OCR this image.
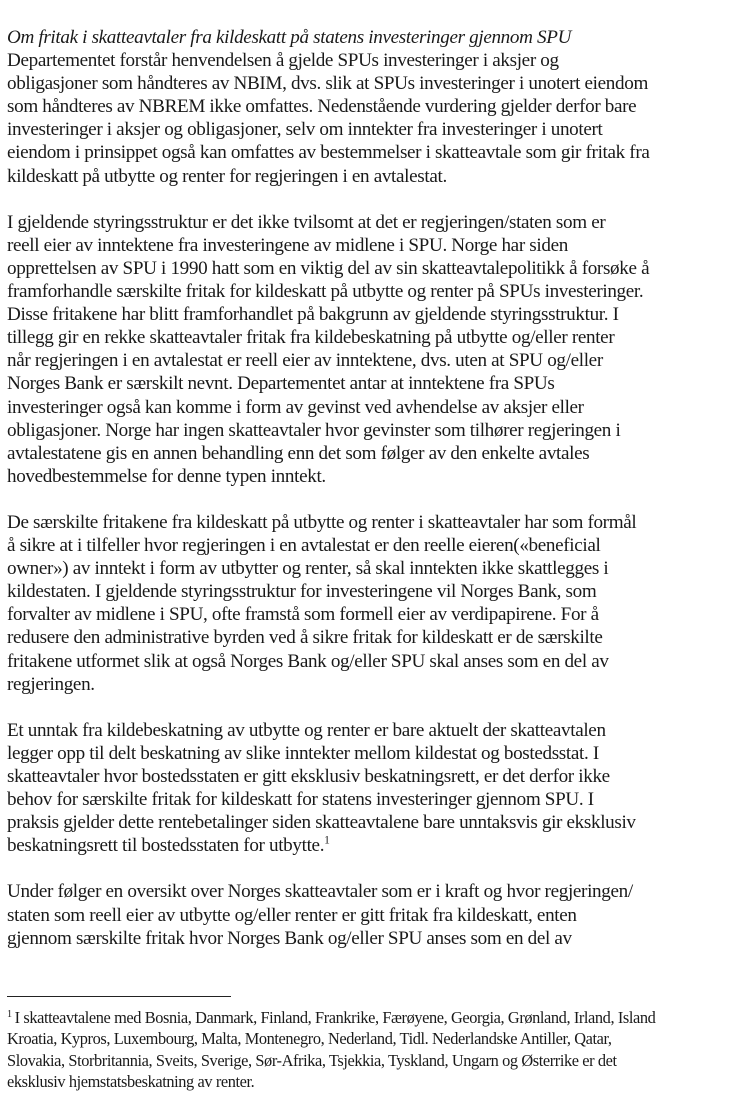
Om fritak i skatteavtaler fra kildeskatt på statens investeringer gjennom SPU
Departementet forstår henvendelsen å gjelde SPUs investeringer i aksjer og
obligasjoner som håndteres av NBIM, dvs. slik at SPUs investeringer i unotert eiendom
som håndteres av NBREM ikke omfattes. Nedenstående vurdering gjelder derfor bare
investeringer i aksjer og obligasjoner, selv om inntekter fra investeringer i unotert
eiendom i prinsippet også kan omfattes av bestemmelser i skatteavtale som gir fritak fra
kildeskatt på utbytte og renter for regjeringen i en avtalestat.
I gjeldende styringsstruktur er det ikke tvilsomt at det er regjeringen/staten som er
reell eier av inntektene fra investeringene av midlene i SPU. Norge har siden
opprettelsen av SPU i 1990 hatt som en viktig del av sin skatteavtalepolitikk å forsøke å
framforhandle særskilte fritak for kildeskatt på utbytte og renter på SPUs investeringer.
Disse fritakene har blitt framforhandlet på bakgrunn av gjeldende styringsstruktur. I
tillegg gir en rekke skatteavtaler fritak fra kildebeskatning på utbytte og/eller renter
når regjeringen i en avtalestat er reell eier av inntektene, dvs. uten at SPU og/eller
Norges Bank er særskilt nevnt. Departementet antar at inntektene fra SPUs
investeringer også kan komme i form av gevinst ved avhendelse av aksjer eller
obligasjoner. Norge har ingen skatteavtaler hvor gevinster som tilhører regjeringen i
avtalestatene gis en annen behandling enn det som følger av den enkelte avtales
hovedbestemmelse for denne typen inntekt.
De særskilte fritakene fra kildeskatt på utbytte og renter i skatteavtaler har som formål
å sikre at i tilfeller hvor regjeringen i en avtalestat er den reelle eieren(«beneficial
owner») av inntekt i form av utbytter og renter, så skal inntekten ikke skattlegges i
kildestaten. I gjeldende styringsstruktur for investeringene vil Norges Bank, som
forvalter av midlene i SPU, ofte framstå som formell eier av verdipapirene. For å
redusere den administrative byrden ved å sikre fritak for kildeskatt er de særskilte
fritakene utformet slik at også Norges Bank og/eller SPU skal anses som en del av
regjeringen.
Et unntak fra kildebeskatning av utbytte og renter er bare aktuelt der skatteavtalen
legger opp til delt beskatning av slike inntekter mellom kildestat og bostedsstat. I
skatteavtaler hvor bostedsstaten er gitt eksklusiv beskatningsrett, er det derfor ikke
behov for særskilte fritak for kildeskatt for statens investeringer gjennom SPU. I
praksis gjelder dette rentebetalinger siden skatteavtalene bare unntaksvis gir eksklusiv
beskatningsrett til bostedsstaten for utbytte.$^1$
Under følger en oversikt over Norges skatteavtaler som er i kraft og hvor regjeringen/
staten som reell eier av utbytte og/eller renter er gitt fritak fra kildeskatt, enten
gjennom særskilte fritak hvor Norges Bank og/eller SPU anses som en del av
$^1$ I skatteavtalene med Bosnia, Danmark, Finland, Frankrike, Færøyene, Georgia, Grønland, Irland, Island
Kroatia, Kypros, Luxembourg, Malta, Montenegro, Nederland, Tidl. Nederlandske Antiller, Qatar,
Slovakia, Storbritannia, Sveits, Sverige, Sør-Afrika, Tsjekkia, Tyskland, Ungarn og Østerrike er det
eksklusiv hjemstatsbeskatning av renter.
